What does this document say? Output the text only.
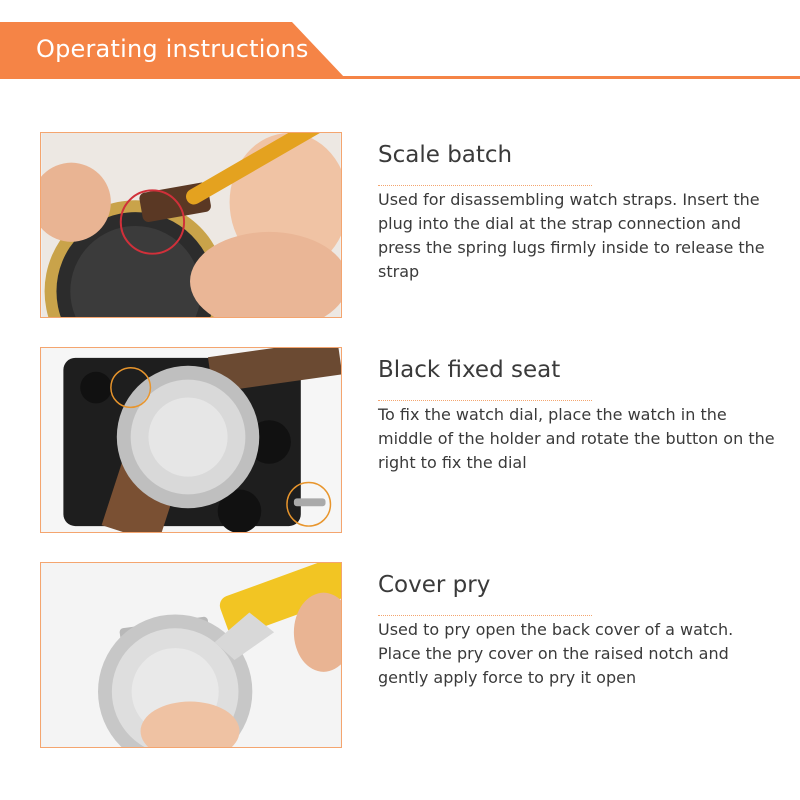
Operating instructions
Scale batch
Used for disassembling watch straps. Insert the plug into the dial at the strap connection and press the spring lugs firmly inside to release the strap
Black fixed seat
To fix the watch dial, place the watch in the middle of the holder and rotate the button on the right to fix the dial
Cover pry
Used to pry open the back cover of a watch. Place the pry cover on the raised notch and gently apply force to pry it open
